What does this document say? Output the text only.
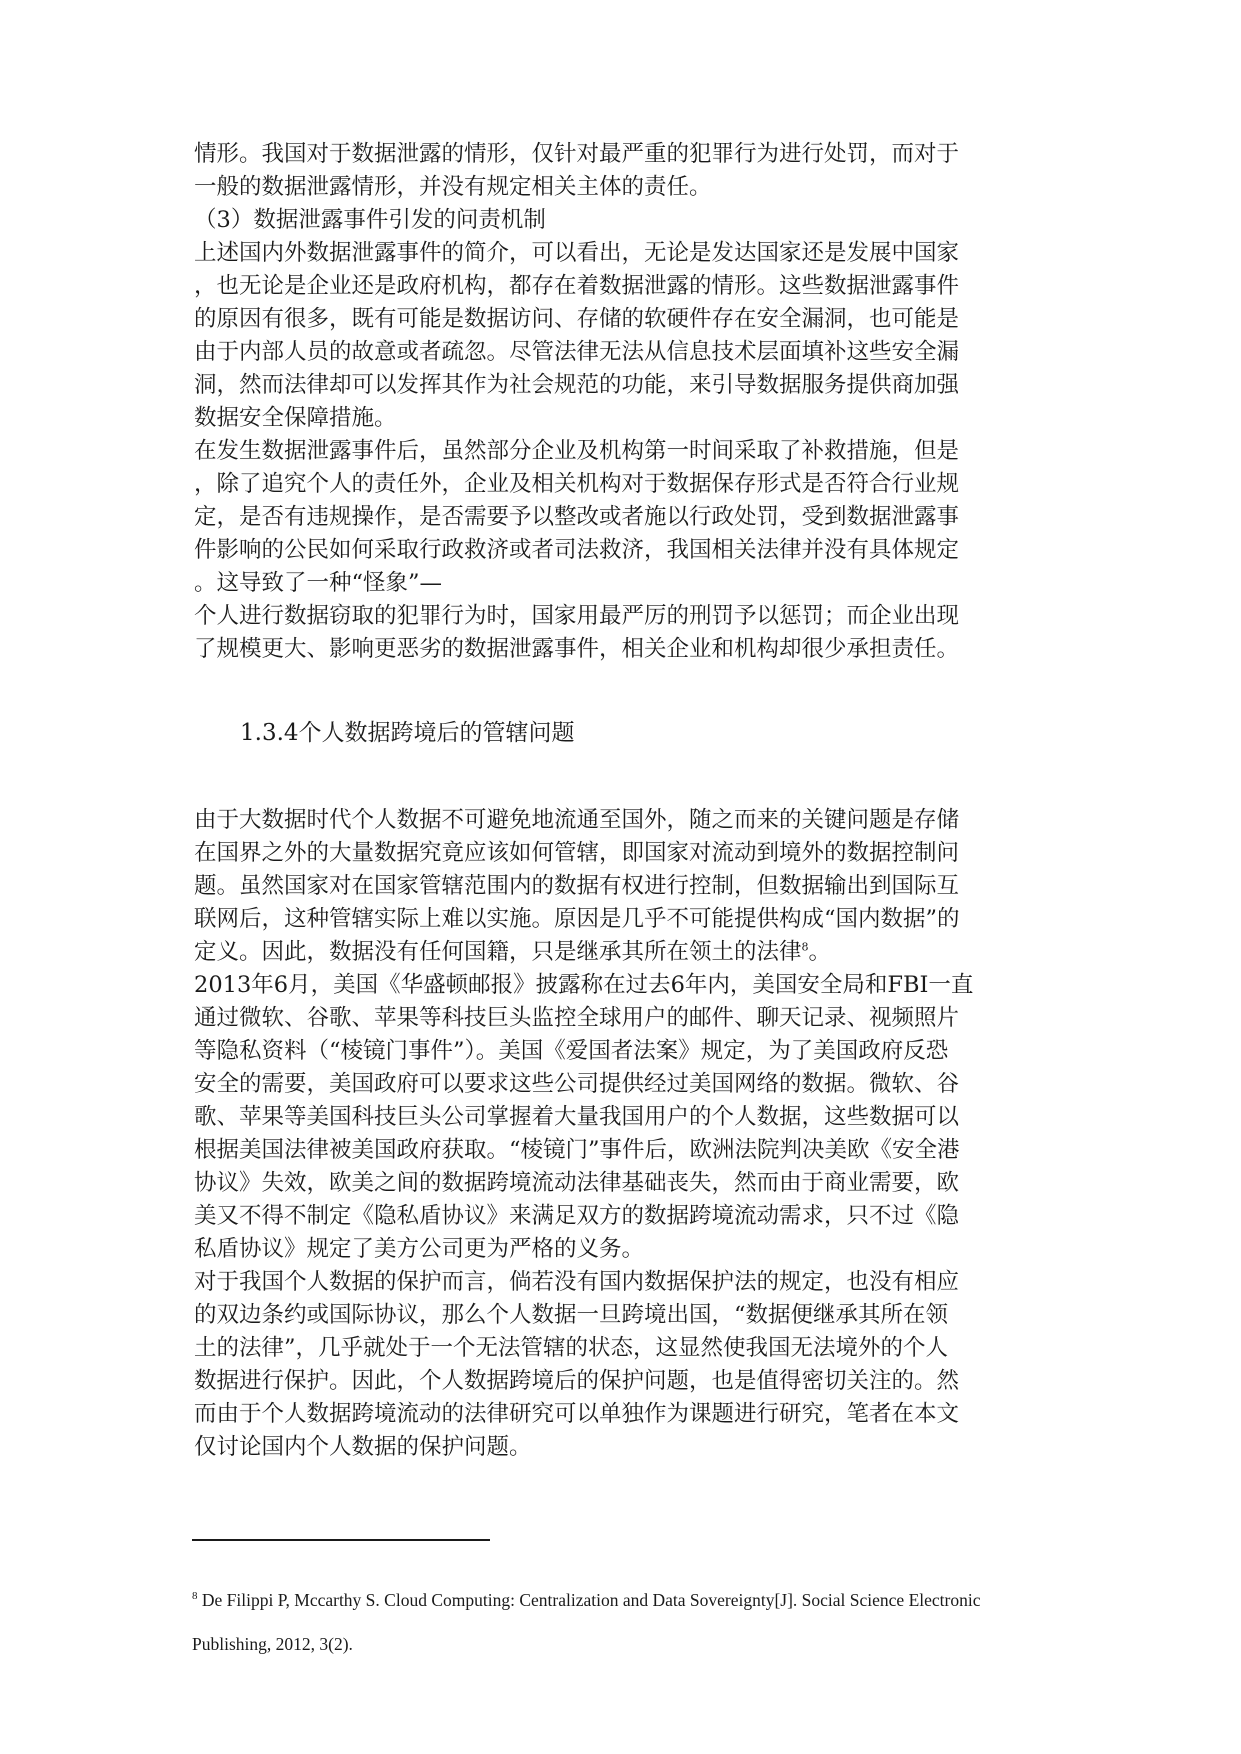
情形。我国对于数据泄露的情形，仅针对最严重的犯罪行为进行处罚，而对于
一般的数据泄露情形，并没有规定相关主体的责任。
（3）数据泄露事件引发的问责机制
上述国内外数据泄露事件的简介，可以看出，无论是发达国家还是发展中国家
，也无论是企业还是政府机构，都存在着数据泄露的情形。这些数据泄露事件
的原因有很多，既有可能是数据访问、存储的软硬件存在安全漏洞，也可能是
由于内部人员的故意或者疏忽。尽管法律无法从信息技术层面填补这些安全漏
洞，然而法律却可以发挥其作为社会规范的功能，来引导数据服务提供商加强
数据安全保障措施。
在发生数据泄露事件后，虽然部分企业及机构第一时间采取了补救措施，但是
，除了追究个人的责任外，企业及相关机构对于数据保存形式是否符合行业规
定，是否有违规操作，是否需要予以整改或者施以行政处罚，受到数据泄露事
件影响的公民如何采取行政救济或者司法救济，我国相关法律并没有具体规定
。这导致了一种“怪象”—
个人进行数据窃取的犯罪行为时，国家用最严厉的刑罚予以惩罚；而企业出现
了规模更大、影响更恶劣的数据泄露事件，相关企业和机构却很少承担责任。
1.3.4个人数据跨境后的管辖问题
由于大数据时代个人数据不可避免地流通至国外，随之而来的关键问题是存储
在国界之外的大量数据究竟应该如何管辖，即国家对流动到境外的数据控制问
题。虽然国家对在国家管辖范围内的数据有权进行控制，但数据输出到国际互
联网后，这种管辖实际上难以实施。原因是几乎不可能提供构成“国内数据”的
定义。因此，数据没有任何国籍，只是继承其所在领土的法律$^8$。
2013年6月，美国《华盛顿邮报》披露称在过去6年内，美国安全局和FBI一直
通过微软、谷歌、苹果等科技巨头监控全球用户的邮件、聊天记录、视频照片
等隐私资料（“棱镜门事件”）。美国《爱国者法案》规定，为了美国政府反恐
安全的需要，美国政府可以要求这些公司提供经过美国网络的数据。微软、谷
歌、苹果等美国科技巨头公司掌握着大量我国用户的个人数据，这些数据可以
根据美国法律被美国政府获取。“棱镜门”事件后，欧洲法院判决美欧《安全港
协议》失效，欧美之间的数据跨境流动法律基础丧失，然而由于商业需要，欧
美又不得不制定《隐私盾协议》来满足双方的数据跨境流动需求，只不过《隐
私盾协议》规定了美方公司更为严格的义务。
对于我国个人数据的保护而言，倘若没有国内数据保护法的规定，也没有相应
的双边条约或国际协议，那么个人数据一旦跨境出国，“数据便继承其所在领
土的法律”，几乎就处于一个无法管辖的状态，这显然使我国无法境外的个人
数据进行保护。因此，个人数据跨境后的保护问题，也是值得密切关注的。然
而由于个人数据跨境流动的法律研究可以单独作为课题进行研究，笔者在本文
仅讨论国内个人数据的保护问题。
$^8$ De Filippi P, Mccarthy S. Cloud Computing: Centralization and Data Sovereignty[J]. Social Science Electronic
Publishing, 2012, 3(2).
